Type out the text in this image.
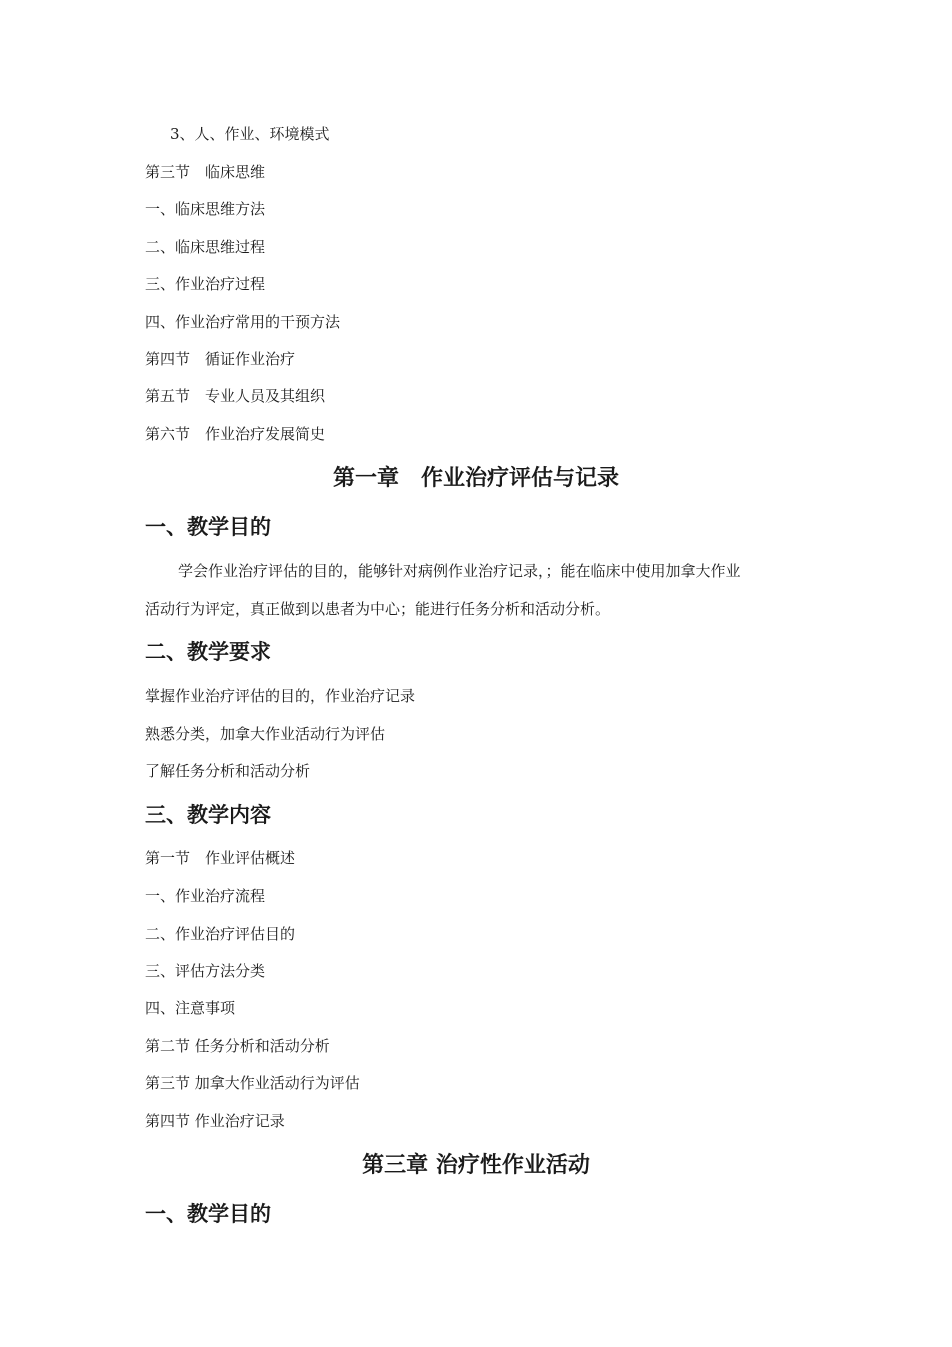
3、人、作业、环境模式
第三节　临床思维
一、临床思维方法
二、临床思维过程
三、作业治疗过程
四、作业治疗常用的干预方法
第四节　循证作业治疗
第五节　专业人员及其组织
第六节　作业治疗发展简史
第一章　作业治疗评估与记录
一、教学目的
学会作业治疗评估的目的，能够针对病例作业治疗记录，；能在临床中使用加拿大作业
活动行为评定，真正做到以患者为中心；能进行任务分析和活动分析。
二、教学要求
掌握作业治疗评估的目的，作业治疗记录
熟悉分类，加拿大作业活动行为评估
了解任务分析和活动分析
三、教学内容
第一节　作业评估概述
一、作业治疗流程
二、作业治疗评估目的
三、评估方法分类
四、注意事项
第二节 任务分析和活动分析
第三节 加拿大作业活动行为评估
第四节 作业治疗记录
第三章 治疗性作业活动
一、教学目的
